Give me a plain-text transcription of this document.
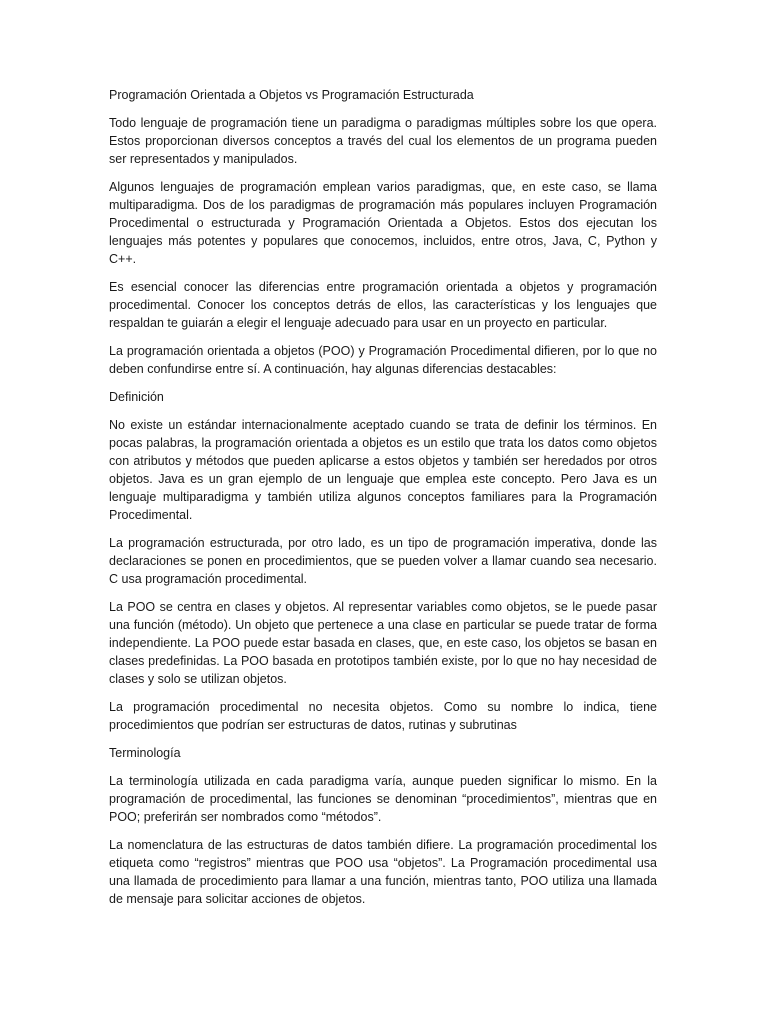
Programación Orientada a Objetos vs Programación Estructurada

Todo lenguaje de programación tiene un paradigma o paradigmas múltiples sobre los que opera. Estos proporcionan diversos conceptos a través del cual los elementos de un programa pueden ser representados y manipulados.

Algunos lenguajes de programación emplean varios paradigmas, que, en este caso, se llama multiparadigma. Dos de los paradigmas de programación más populares incluyen Programación Procedimental o estructurada y Programación Orientada a Objetos. Estos dos ejecutan los lenguajes más potentes y populares que conocemos, incluidos, entre otros, Java, C, Python y C++.

Es esencial conocer las diferencias entre programación orientada a objetos y programación procedimental. Conocer los conceptos detrás de ellos, las características y los lenguajes que respaldan te guiarán a elegir el lenguaje adecuado para usar en un proyecto en particular.

La programación orientada a objetos (POO) y Programación Procedimental difieren, por lo que no deben confundirse entre sí. A continuación, hay algunas diferencias destacables:

Definición

No existe un estándar internacionalmente aceptado cuando se trata de definir los términos. En pocas palabras, la programación orientada a objetos es un estilo que trata los datos como objetos con atributos y métodos que pueden aplicarse a estos objetos y también ser heredados por otros objetos. Java es un gran ejemplo de un lenguaje que emplea este concepto. Pero Java es un lenguaje multiparadigma y también utiliza algunos conceptos familiares para la Programación Procedimental.

La programación estructurada, por otro lado, es un tipo de programación imperativa, donde las declaraciones se ponen en procedimientos, que se pueden volver a llamar cuando sea necesario. C usa programación procedimental.

La POO se centra en clases y objetos. Al representar variables como objetos, se le puede pasar una función (método). Un objeto que pertenece a una clase en particular se puede tratar de forma independiente. La POO puede estar basada en clases, que, en este caso, los objetos se basan en clases predefinidas. La POO basada en prototipos también existe, por lo que no hay necesidad de clases y solo se utilizan objetos.

La programación procedimental no necesita objetos. Como su nombre lo indica, tiene procedimientos que podrían ser estructuras de datos, rutinas y subrutinas

Terminología

La terminología utilizada en cada paradigma varía, aunque pueden significar lo mismo. En la programación de procedimental, las funciones se denominan “procedimientos”, mientras que en POO; preferirán ser nombrados como “métodos”.

La nomenclatura de las estructuras de datos también difiere. La programación procedimental los etiqueta como “registros” mientras que POO usa “objetos”. La Programación procedimental usa una llamada de procedimiento para llamar a una función, mientras tanto, POO utiliza una llamada de mensaje para solicitar acciones de objetos.
